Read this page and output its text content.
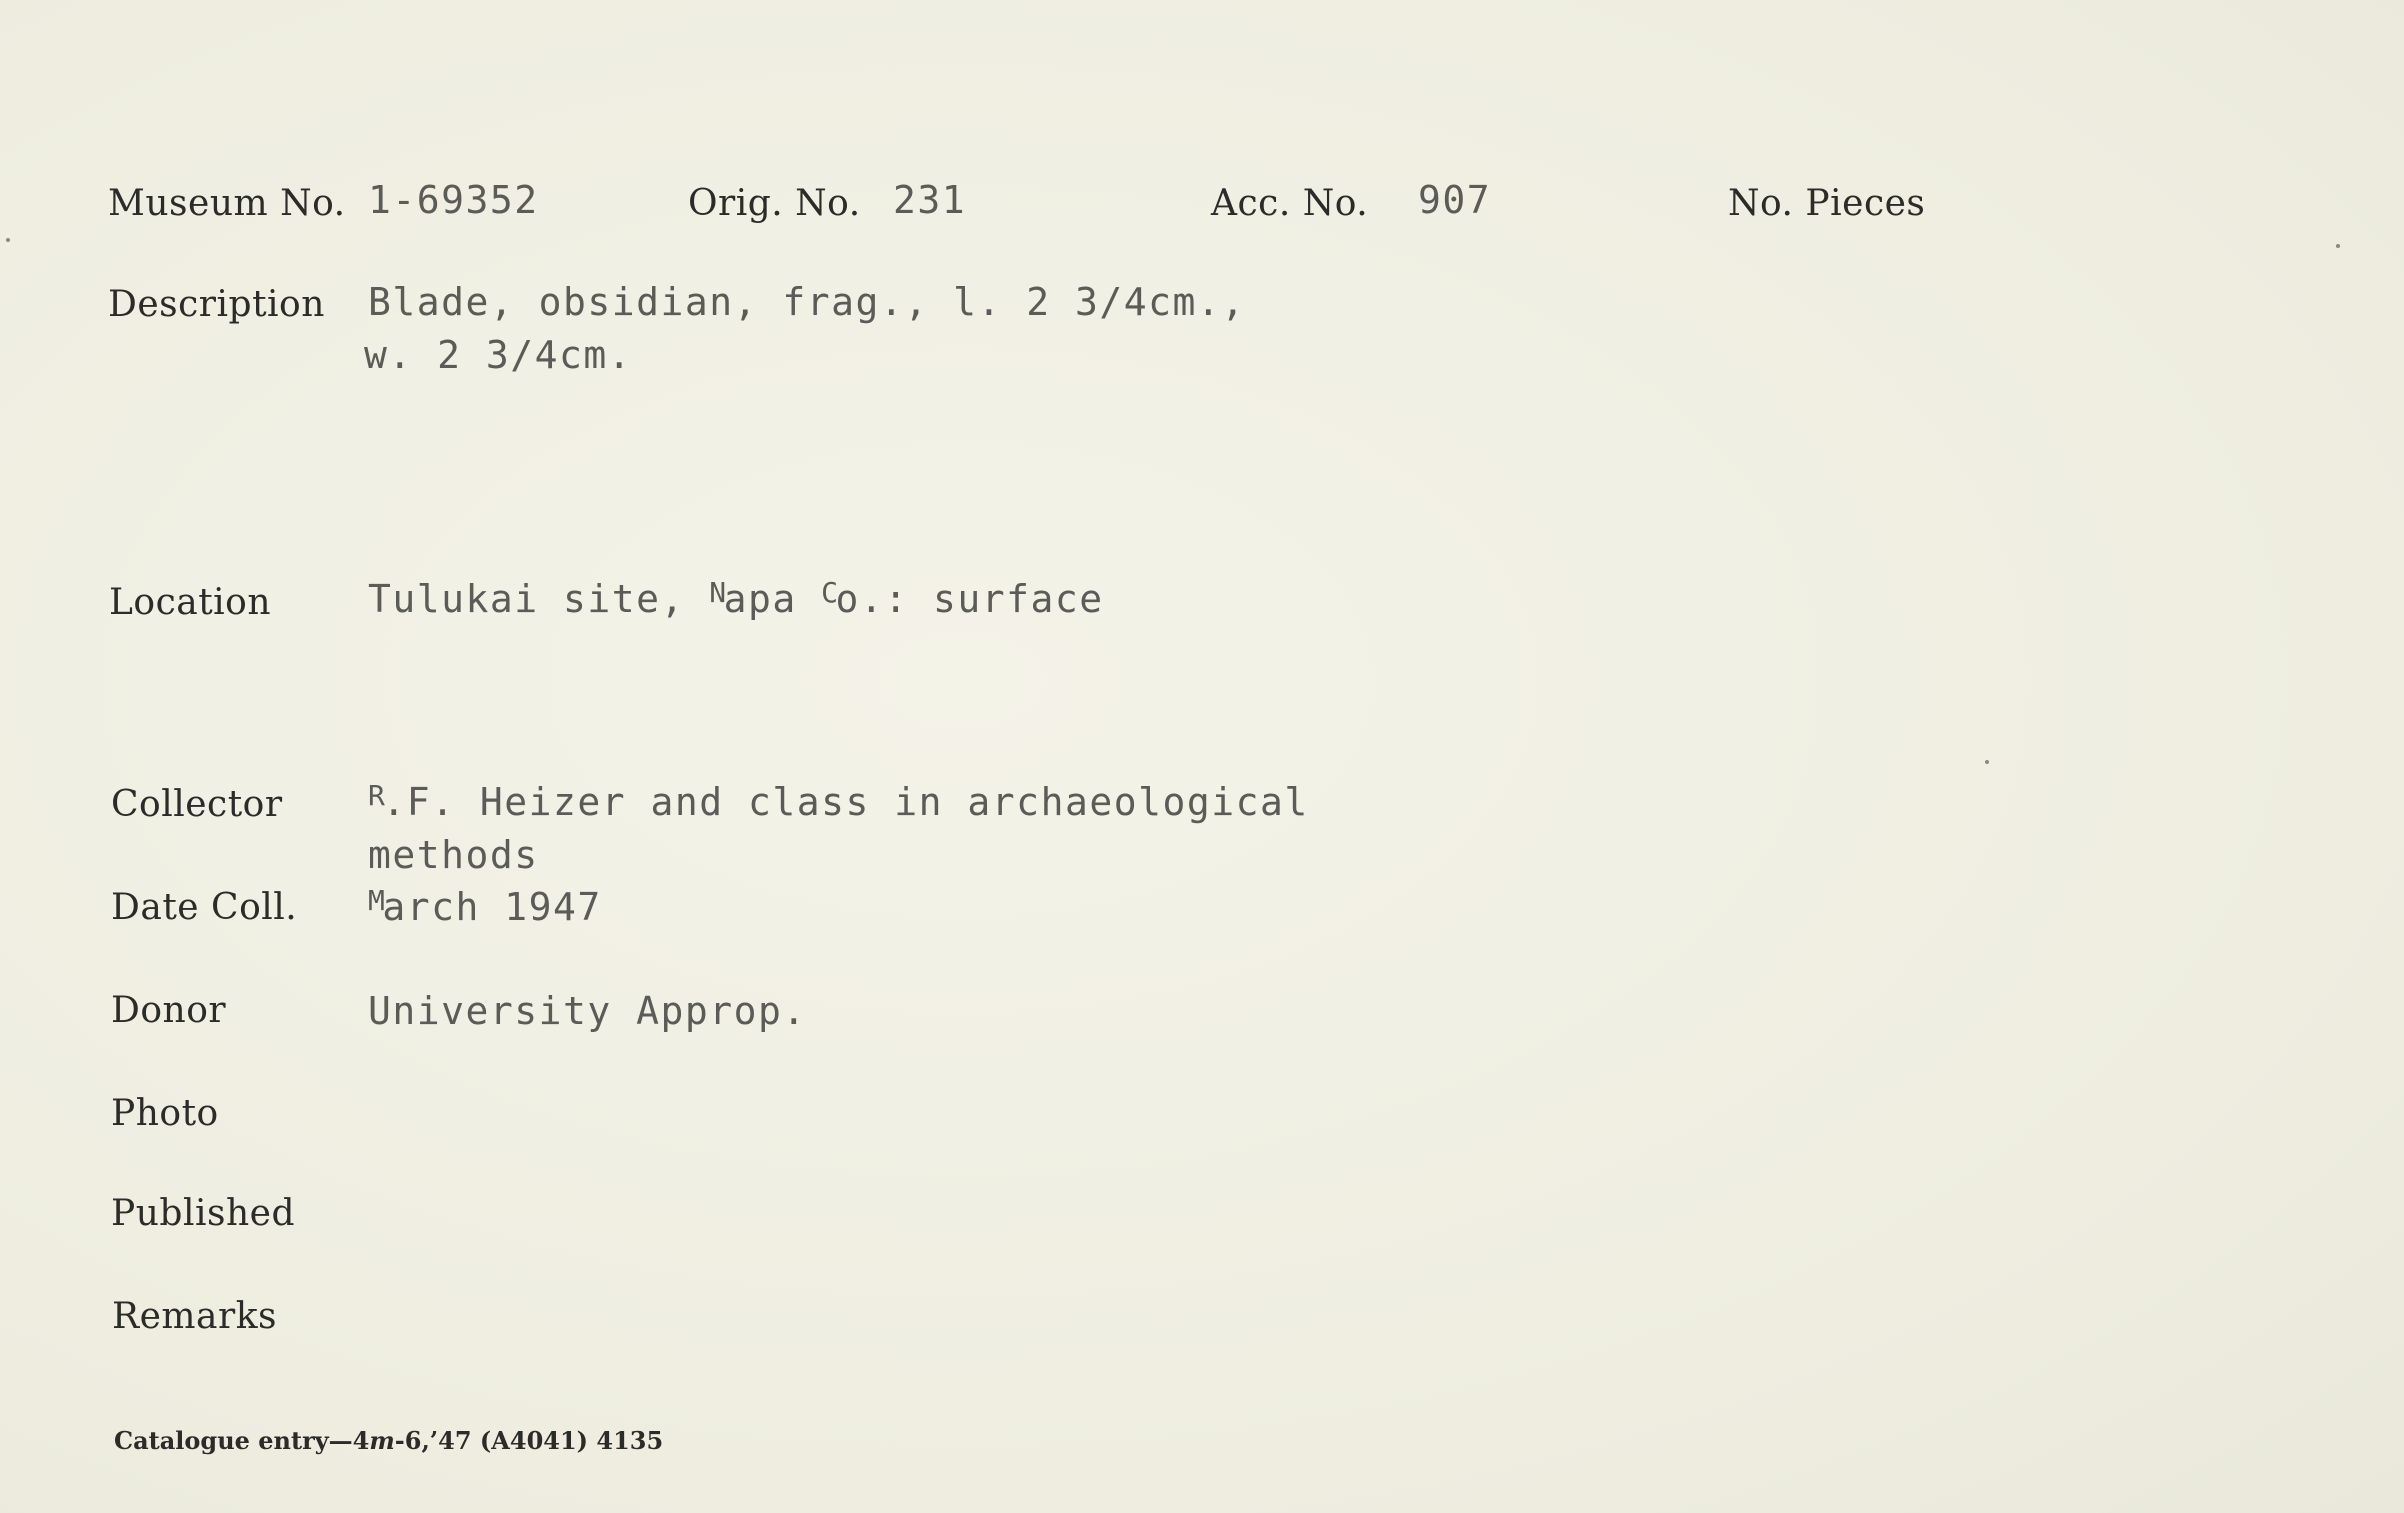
Museum No. 1-69352	Orig. No. 231	Acc. No. 907	No. Pieces
Description Blade, obsidian, frag., l. 2 3/4cm.,
w. 2 3/4cm.
Location	Tulukai site, $^N$apa $^C$o.: surface
Collector	$^R$.F. Heizer and class in archaeological
methods
Date Coll.	$^M$arch 1947
Donor	University Approp.
Photo
Published
Remarks
Catalogue entry—4m-6,’47 (A4041) 4135
